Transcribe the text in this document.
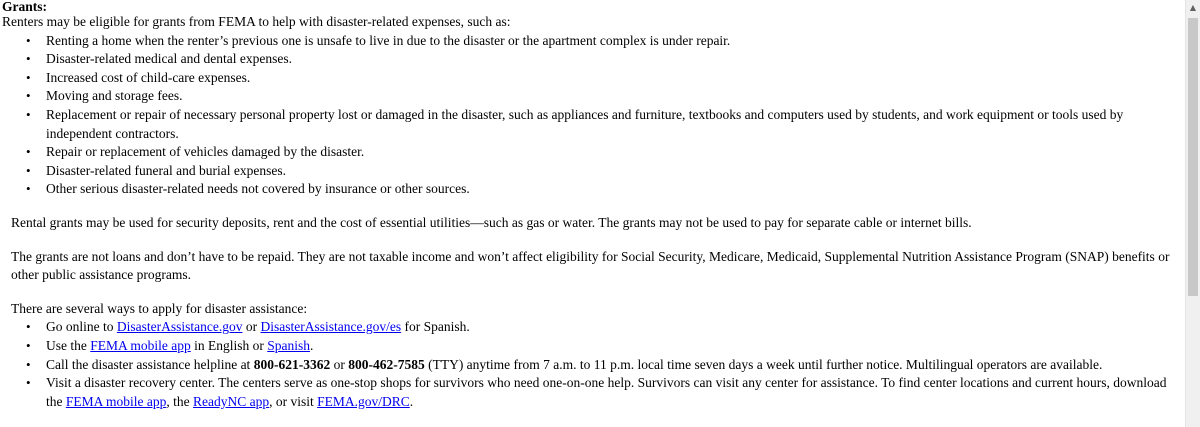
Grants:

Renters may be eligible for grants from FEMA to help with disaster-related expenses, such as:

• Renting a home when the renter’s previous one is unsafe to live in due to the disaster or the apartment complex is under repair.
• Disaster-related medical and dental expenses.
• Increased cost of child-care expenses.
• Moving and storage fees.
• Replacement or repair of necessary personal property lost or damaged in the disaster, such as appliances and furniture, textbooks and computers used by students, and work equipment or tools used by independent contractors.
• Repair or replacement of vehicles damaged by the disaster.
• Disaster-related funeral and burial expenses.
• Other serious disaster-related needs not covered by insurance or other sources.

Rental grants may be used for security deposits, rent and the cost of essential utilities—such as gas or water. The grants may not be used to pay for separate cable or internet bills.

The grants are not loans and don’t have to be repaid. They are not taxable income and won’t affect eligibility for Social Security, Medicare, Medicaid, Supplemental Nutrition Assistance Program (SNAP) benefits or other public assistance programs.

There are several ways to apply for disaster assistance:

• Go online to DisasterAssistance.gov or DisasterAssistance.gov/es for Spanish.
• Use the FEMA mobile app in English or Spanish.
• Call the disaster assistance helpline at 800-621-3362 or 800-462-7585 (TTY) anytime from 7 a.m. to 11 p.m. local time seven days a week until further notice. Multilingual operators are available.
• Visit a disaster recovery center. The centers serve as one-stop shops for survivors who need one-on-one help. Survivors can visit any center for assistance. To find center locations and current hours, download the FEMA mobile app, the ReadyNC app, or visit FEMA.gov/DRC.
▲
